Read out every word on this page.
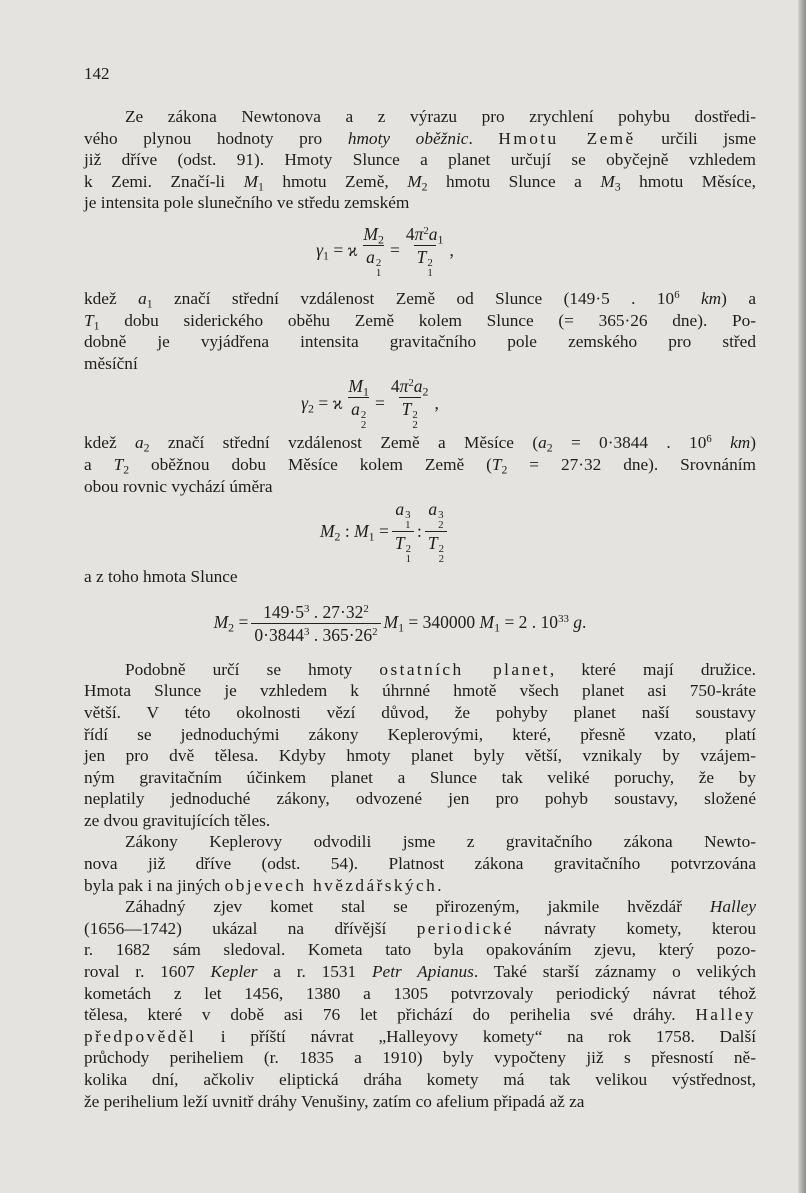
142
Ze zákona Newtonova a z výrazu pro zrychlení pohybu dostředi-
vého plynou hodnoty pro hmoty oběžnic. Hmotu Země určili jsme
již dříve (odst. 91). Hmoty Slunce a planet určují se obyčejně vzhledem
k Zemi. Značí-li $M_1$ hmotu Země, $M_2$ hmotu Slunce a $M_3$ hmotu Měsíce,
je intensita pole slunečního ve středu zemském
$\gamma_1 = ϰ$ $M_2$
a 2
$1 = 4\pi^2a_1$
T 2
1 ,
kdež $a_1$ značí střední vzdálenost Země od Slunce (149·5 . $10^6$ km) a
$T_1$ dobu siderického oběhu Země kolem Slunce (= 365·26 dne). Po-
dobně je vyjádřena intensita gravitačního pole zemského pro střed
měsíční
$\gamma_2 = ϰ$ $M_1$
a 2
$2 = 4\pi^2a_2$
T 2
2 ,
kdež $a_2$ značí střední vzdálenost Země a Měsíce ($a_2 = 0\cdot 3844$ . $10^6$ km)
a $T_2$ oběžnou dobu Měsíce kolem Země ($T_2 = 27\cdot 32$ dne). Srovnáním
obou rovnic vychází úměra
$M_2$ : $M_1 = a$ 3
1
T 2
1 : a 3
2
T 2
2
a z toho hmota Slunce
$M_2 = \frac{149\cdot 5^3 . 27\cdot 32^2}{0\cdot 3844^3 . 365\cdot 26^2} M_1 = 340000$ $M_1 = 2$ . $10^{33}$ g.
Podobně určí se hmoty ostatních planet, které mají družice.
Hmota Slunce je vzhledem k úhrnné hmotě všech planet asi 750-kráte
větší. V této okolnosti vězí důvod, že pohyby planet naší soustavy
řídí se jednoduchými zákony Keplerovými, které, přesně vzato, platí
jen pro dvě tělesa. Kdyby hmoty planet byly větší, vznikaly by vzájem-
ným gravitačním účinkem planet a Slunce tak veliké poruchy, že by
neplatily jednoduché zákony, odvozené jen pro pohyb soustavy, složené
ze dvou gravitujících těles.
Zákony Keplerovy odvodili jsme z gravitačního zákona Newto-
nova již dříve (odst. 54). Platnost zákona gravitačního potvrzována
byla pak i na jiných objevech hvězdářských.
Záhadný zjev komet stal se přirozeným, jakmile hvězdář Halley
(1656—1742) ukázal na dřívější periodické návraty komety, kterou
r. 1682 sám sledoval. Kometa tato byla opakováním zjevu, který pozo-
roval r. 1607 Kepler a r. 1531 Petr Apianus. Také starší záznamy o velikých
kometách z let 1456, 1380 a 1305 potvrzovaly periodický návrat téhož
tělesa, které v době asi 76 let přichází do perihelia své dráhy. Halley
předpověděl i příští návrat „Halleyovy komety“ na rok 1758. Další
průchody periheliem (r. 1835 a 1910) byly vypočteny již s přesností ně-
kolika dní, ačkoliv eliptická dráha komety má tak velikou výstřednost,
že perihelium leží uvnitř dráhy Venušiny, zatím co afelium připadá až za
